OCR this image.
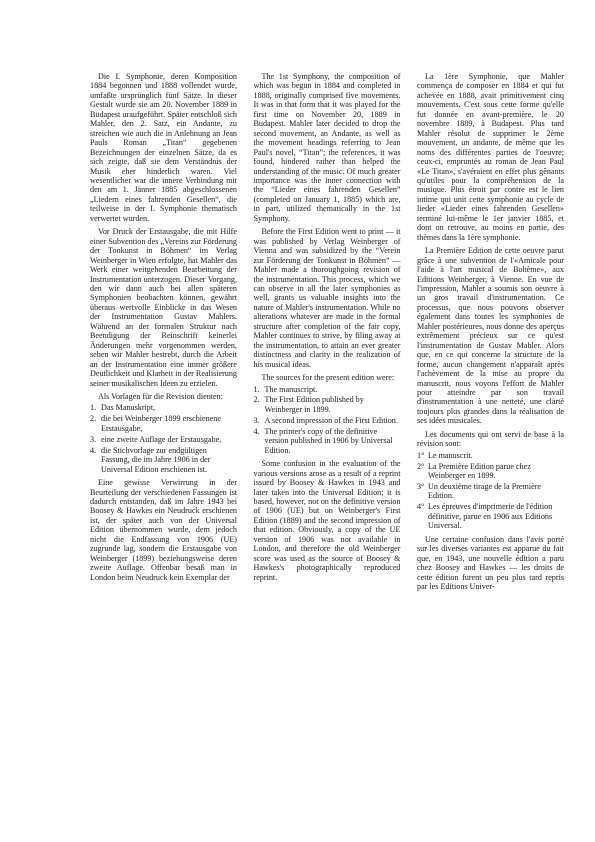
Die I. Symphonie, deren Komposition 1884 begonnen und 1888 vollendet wurde, umfaßte ursprünglich fünf Sätze. In dieser Gestalt wurde sie am 20. November 1889 in Budapest uraufgeführt. Später entschloß sich Mahler, den 2. Satz, ein Andante, zu streichen wie auch die in Anlehnung an Jean Pauls Roman „Titan“ gegebenen Bezeichnungen der einzelnen Sätze, da es sich zeigte, daß sie dem Verständnis der Musik eher hinderlich waren. Viel wesentlicher war die innere Verbindung mit den am 1. Jänner 1885 abgeschlossenen „Liedern eines fahrenden Gesellen“, die teilweise in der I. Symphonie thematisch verwertet wurden.

Vor Druck der Erstausgabe, die mit Hilfe einer Subvention des „Vereins zur Förderung der Tonkunst in Böhmen“ im Verlag Weinberger in Wien erfolgte, hat Mahler das Werk einer weitgehenden Bearbeitung der Instrumentation unterzogen. Dieser Vorgang, den wir dann auch bei allen späteren Symphonien beobachten können, gewährt überaus wertvolle Einblicke in das Wesen der Instrumentation Gustav Mahlers. Während an der formalen Struktur nach Beendigung der Reinschrift keinerlei Änderungen mehr vorgenommen werden, sehen wir Mahler bestrebt, durch die Arbeit an der Instrumentation eine immer größere Deutlichkeit und Klarheit in der Realisierung seiner musikalischen Ideen zu erzielen.

Als Vorlagen für die Revision dienten:

1. Das Manuskript,
2. die bei Weinberger 1899 erschienene Erstausgabe,
3. eine zweite Auflage der Erstausgabe,
4. die Stichvorlage zur endgültigen Fassung, die im Jahre 1906 in der Universal Edition erschienen ist.

Eine gewisse Verwirrung in der Beurteilung der verschiedenen Fassungen ist dadurch entstanden, daß im Jahre 1943 bei Boosey & Hawkes ein Neudruck erschienen ist, der später auch von der Universal Edition übernommen wurde, dem jedoch nicht die Endfassung von 1906 (UE) zugrunde lag, sondern die Erstausgabe von Weinberger (1899) beziehungsweise deren zweite Auflage. Offenbar besaß man in London beim Neudruck kein Exemplar der

The 1st Symphony, the composition of which was begun in 1884 and completed in 1888, originally comprised five movements. It was in that form that it was played for the first time on November 20, 1889 in Budapest. Mahler later decided to drop the second movement, an Andante, as well as the movement headings referring to Jean Paul's novel, “Titan”; the references, it was found, hindered rather than helped the understanding of the music. Of much greater importance was the inner connection with the “Lieder eines fahrenden Gesellen” (completed on January 1, 1885) which are, in part, utilized thematically in the 1st Symphony.

Before the First Edition went to print — it was published by Verlag Weinberger of Vienna and was subsidized by the “Verein zur Förderung der Tonkunst in Böhmen” — Mahler made a thoroughgoing revision of the instrumentation. This process, which we can observe in all the later symphonies as well, grants us valuable insights into the nature of Mahler's instrumentation. While no alterations whatever are made in the formal structure after completion of the fair copy, Mahler continues to strive, by filing away at the instrumentation, to attain an ever greater distinctness and clarity in the realization of his musical ideas.

The sources for the present edition were:

1. The manuscript.
2. The First Edition published by Weinberger in 1899.
3. A second impression of the First Edition.
4. The printer's copy of the definitive version published in 1906 by Universal Edition.

Some confusion in the evaluation of the various versions arose as a result of a reprint issued by Boosey & Hawkes in 1943 and later taken into the Universal Edition; it is based, however, not on the definitive version of 1906 (UE) but on Weinberger's First Edition (1889) and the second impression of that edition. Obviously, a copy of the UE version of 1906 was not available in London, and therefore the old Weinberger score was used as the source of Boosey & Hawkes's photographically reproduced reprint.

La 1ère Symphonie, que Mahler commença de composer en 1884 et qui fut achevée en 1888, avait primitivement cinq mouvements. C'est sous cette forme qu'elle fut donnée en avant-première, le 20 novembre 1889, à Budapest. Plus tard Mahler résolut de supprimer le 2ème mouvement, un andante, de même que les noms des différentes parties de l'oeuvre; ceux-ci, empruntés au roman de Jean Paul «Le Titan», s'avéraient en effet plus gênants qu'utiles pour la compréhension de la musique. Plus étroit par contre est le lien intime qui unit cette symphonie au cycle de lieder «Lieder eines fahrenden Gesellen» terminé lui-même le 1er janvier 1885, et dont on retrouve, au moins en partie, des thèmes dans la 1ère symphonie.

La Première Edition de cette oeuvre parut grâce à une subvention de l'«Amicale pour l'aide à l'art musical de Bohème», aux Editions Weinberger, à Vienne. En vue de l'impression, Mahler a soumis son oeuvre à un gros travail d'instrumentation. Ce processus, que nous pouvons observer également dans toutes les symphonies de Mahler postérieures, nous donne des aperçus extrêmement précieux sur ce qu'est l'instrumentation de Gustav Mahler. Alors que, en ce qui concerne la structure de la forme, aucun changement n'apparaît après l'achèvement de la mise au propre du manuscrit, nous voyons l'effort de Mahler pour atteindre par son travail d'instrumentation à une netteté, une clarté toujours plus grandes dans la réalisation de ses idées musicales.

Les documents qui ont servi de base à la révision sont:

1° Le manuscrit.
2° La Première Edition parue chez Weinberger en 1899.
3° Un deuxième tirage de la Première Edition.
4° Les épreuves d'imprimerie de l'édition définitive, parue en 1906 aux Editions Universal.

Une certaine confusion dans l'avis porté sur les diverses variantes est apparue du fait que, en 1943, une nouvelle édition a paru chez Boosey and Hawkes — les droits de cette édition furent un peu plus tard repris par les Editions Univer-
